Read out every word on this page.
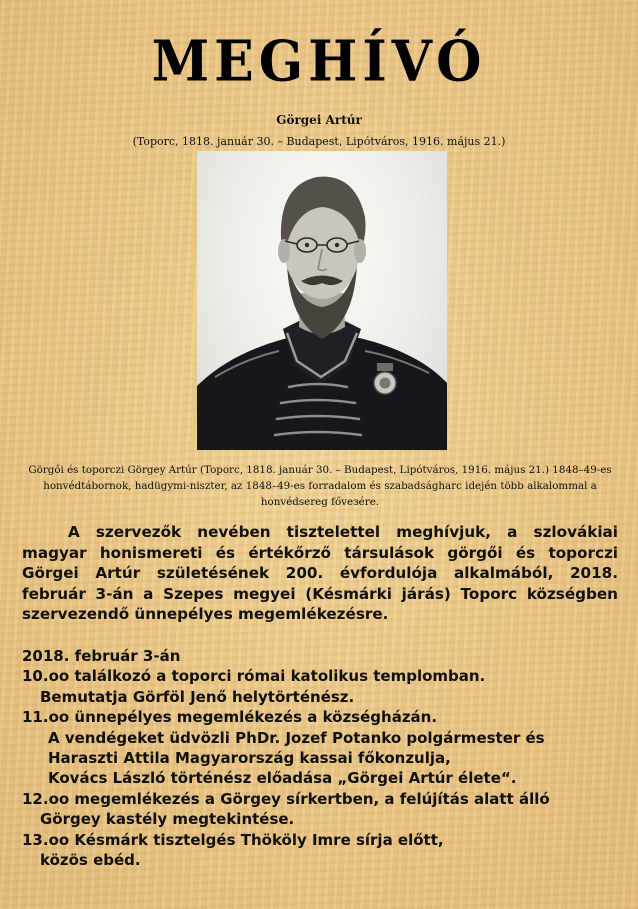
MEGHÍVÓ
Görgei Artúr
(Toporc, 1818. január 30. – Budapest, Lipótváros, 1916. május 21.)
Görgői és toporczi Görgey Artúr (Toporc, 1818. január 30. – Budapest, Lipótváros, 1916. május 21.) 1848–49-es honvédtábornok, hadügymi-niszter, az 1848–49-es forradalom és szabadságharc idején több alkalommal a honvédsereg főveзére.
A szervezők nevében tisztelettel meghívjuk, a szlovákiai magyar honismereti és értékőrző társulások görgői és toporczi Görgei Artúr születésének 200. évfordulója alkalmából, 2018. február 3-án a Szepes megyei (Késmárki járás) Toporc községben szervezendő ünnepélyes megemlékezésre.
2018. február 3-án
10.oo találkozó a toporci római katolikus templomban.
Bemutatja Görföl Jenő helytörténész.
11.oo ünnepélyes megemlékezés a községházán.
A vendégeket üdvözli PhDr. Jozef Potanko polgármester és
Haraszti Attila Magyarország kassai főkonzulja,
Kovács László történész előadása „Görgei Artúr élete“.
12.oo megemlékezés a Görgey sírkertben, a felújítás alatt álló
Görgey kastély megtekintése.
13.oo Késmárk tisztelgés Thököly Imre sírja előtt,
közös ebéd.
